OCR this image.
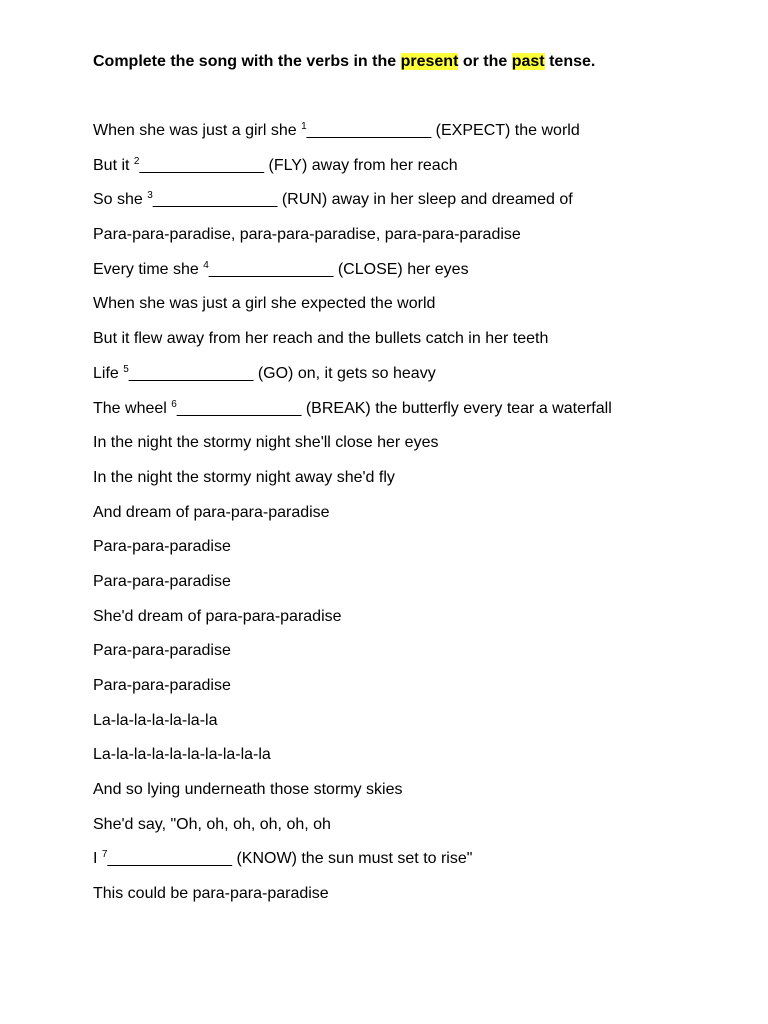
Complete the song with the verbs in the present or the past tense.
When she was just a girl she $^1$______________ (EXPECT) the world
But it $^2$______________ (FLY) away from her reach
So she $^3$______________ (RUN) away in her sleep and dreamed of
Para-para-paradise, para-para-paradise, para-para-paradise
Every time she $^4$______________ (CLOSE) her eyes
When she was just a girl she expected the world
But it flew away from her reach and the bullets catch in her teeth
Life $^5$______________ (GO) on, it gets so heavy
The wheel $^6$______________ (BREAK) the butterfly every tear a waterfall
In the night the stormy night she'll close her eyes
In the night the stormy night away she'd fly
And dream of para-para-paradise
Para-para-paradise
Para-para-paradise
She'd dream of para-para-paradise
Para-para-paradise
Para-para-paradise
La-la-la-la-la-la-la
La-la-la-la-la-la-la-la-la-la
And so lying underneath those stormy skies
She'd say, "Oh, oh, oh, oh, oh, oh
I $^7$______________ (KNOW) the sun must set to rise"
This could be para-para-paradise
